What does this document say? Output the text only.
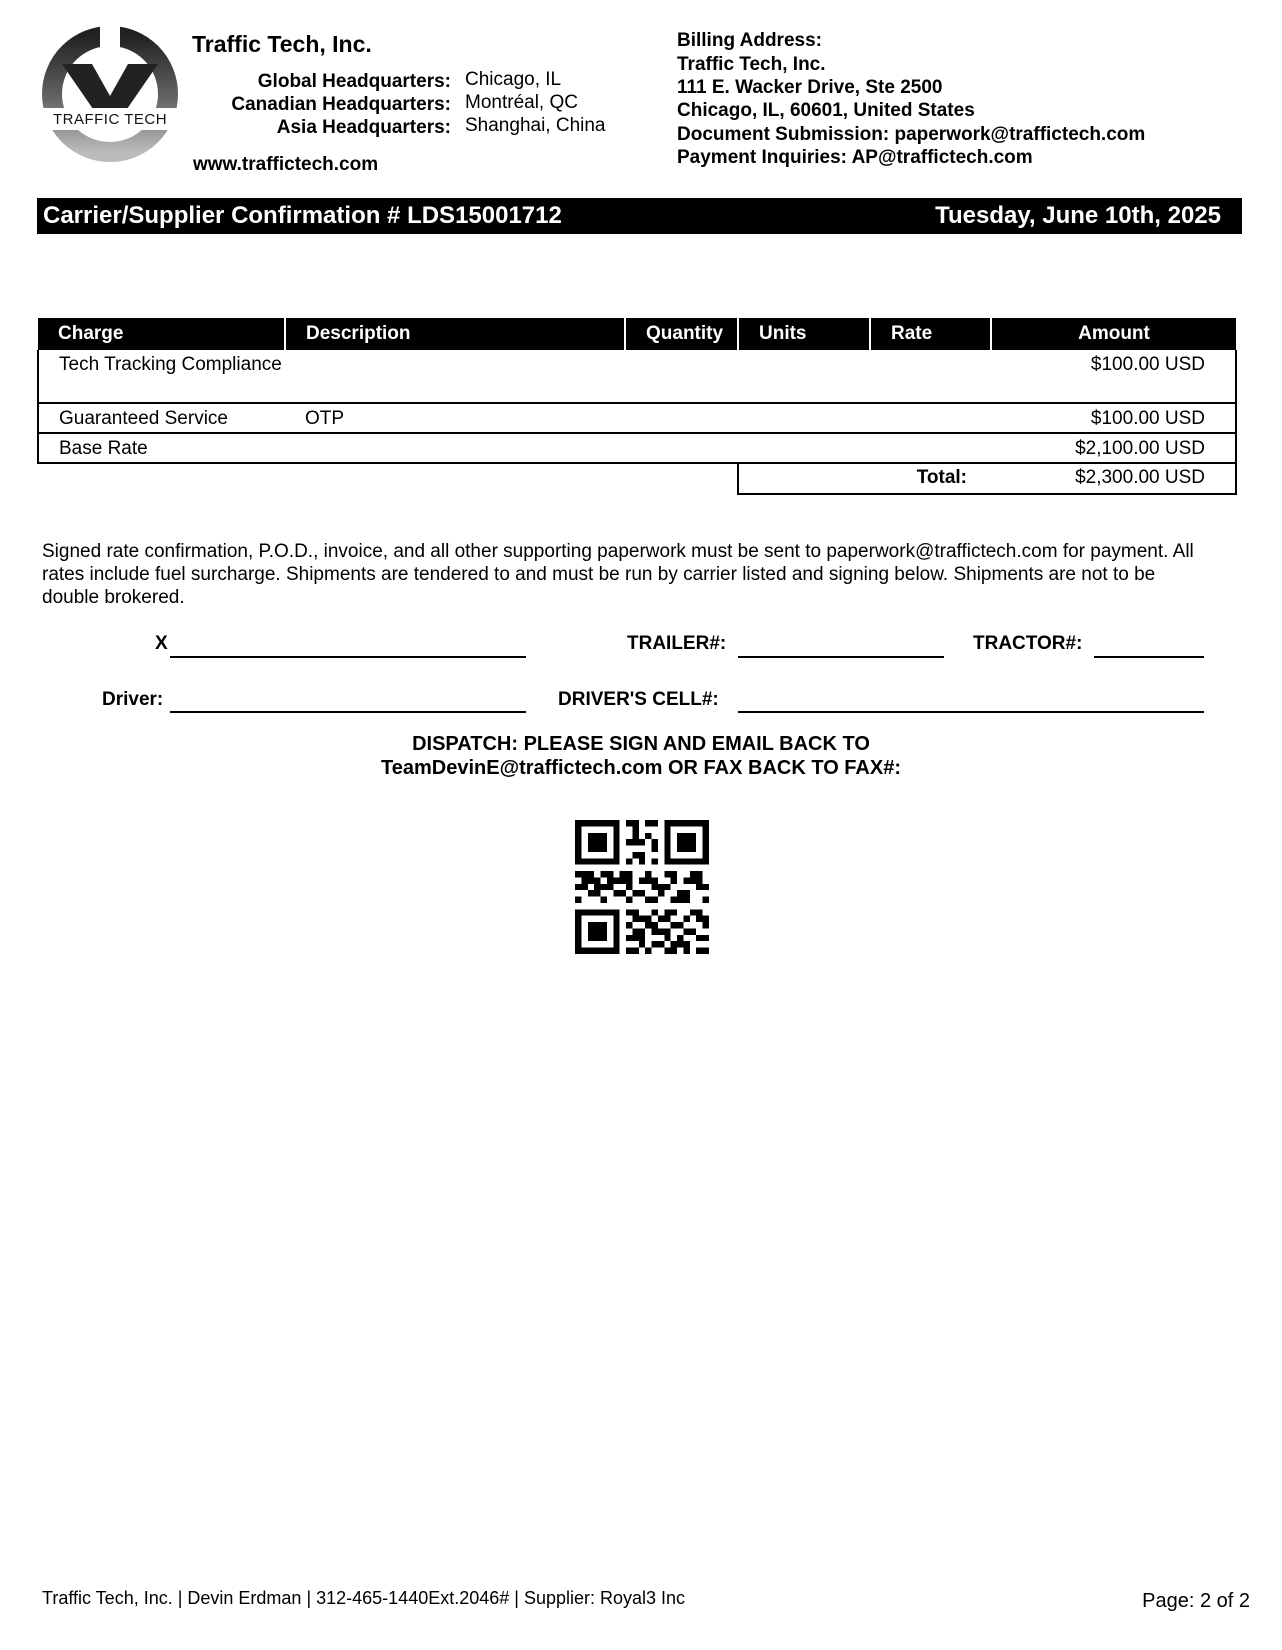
TRAFFIC TECH
Traffic Tech, Inc.
Global Headquarters: Chicago, IL
Canadian Headquarters: Montréal, QC
Asia Headquarters: Shanghai, China
www.traffictech.com
Billing Address:
Traffic Tech, Inc.
111 E. Wacker Drive, Ste 2500
Chicago, IL, 60601, United States
Document Submission: paperwork@traffictech.com
Payment Inquiries: AP@traffictech.com
Carrier/Supplier Confirmation # LDS15001712	Tuesday, June 10th, 2025
Charge	Description	Quantity	Units	Rate	Amount
Tech Tracking Compliance					$100.00 USD
Guaranteed Service	OTP				$100.00 USD
Base Rate					$2,100.00 USD
			Total:		$2,300.00 USD
Signed rate confirmation, P.O.D., invoice, and all other supporting paperwork must be sent to paperwork@traffictech.com for payment. All rates include fuel surcharge. Shipments are tendered to and must be run by carrier listed and signing below. Shipments are not to be double brokered.
X	TRAILER#:	TRACTOR#:
Driver:	DRIVER'S CELL#:
DISPATCH: PLEASE SIGN AND EMAIL BACK TO
TeamDevinE@traffictech.com OR FAX BACK TO FAX#:
Traffic Tech, Inc. | Devin Erdman | 312-465-1440Ext.2046# | Supplier: Royal3 Inc	Page: 2 of 2
